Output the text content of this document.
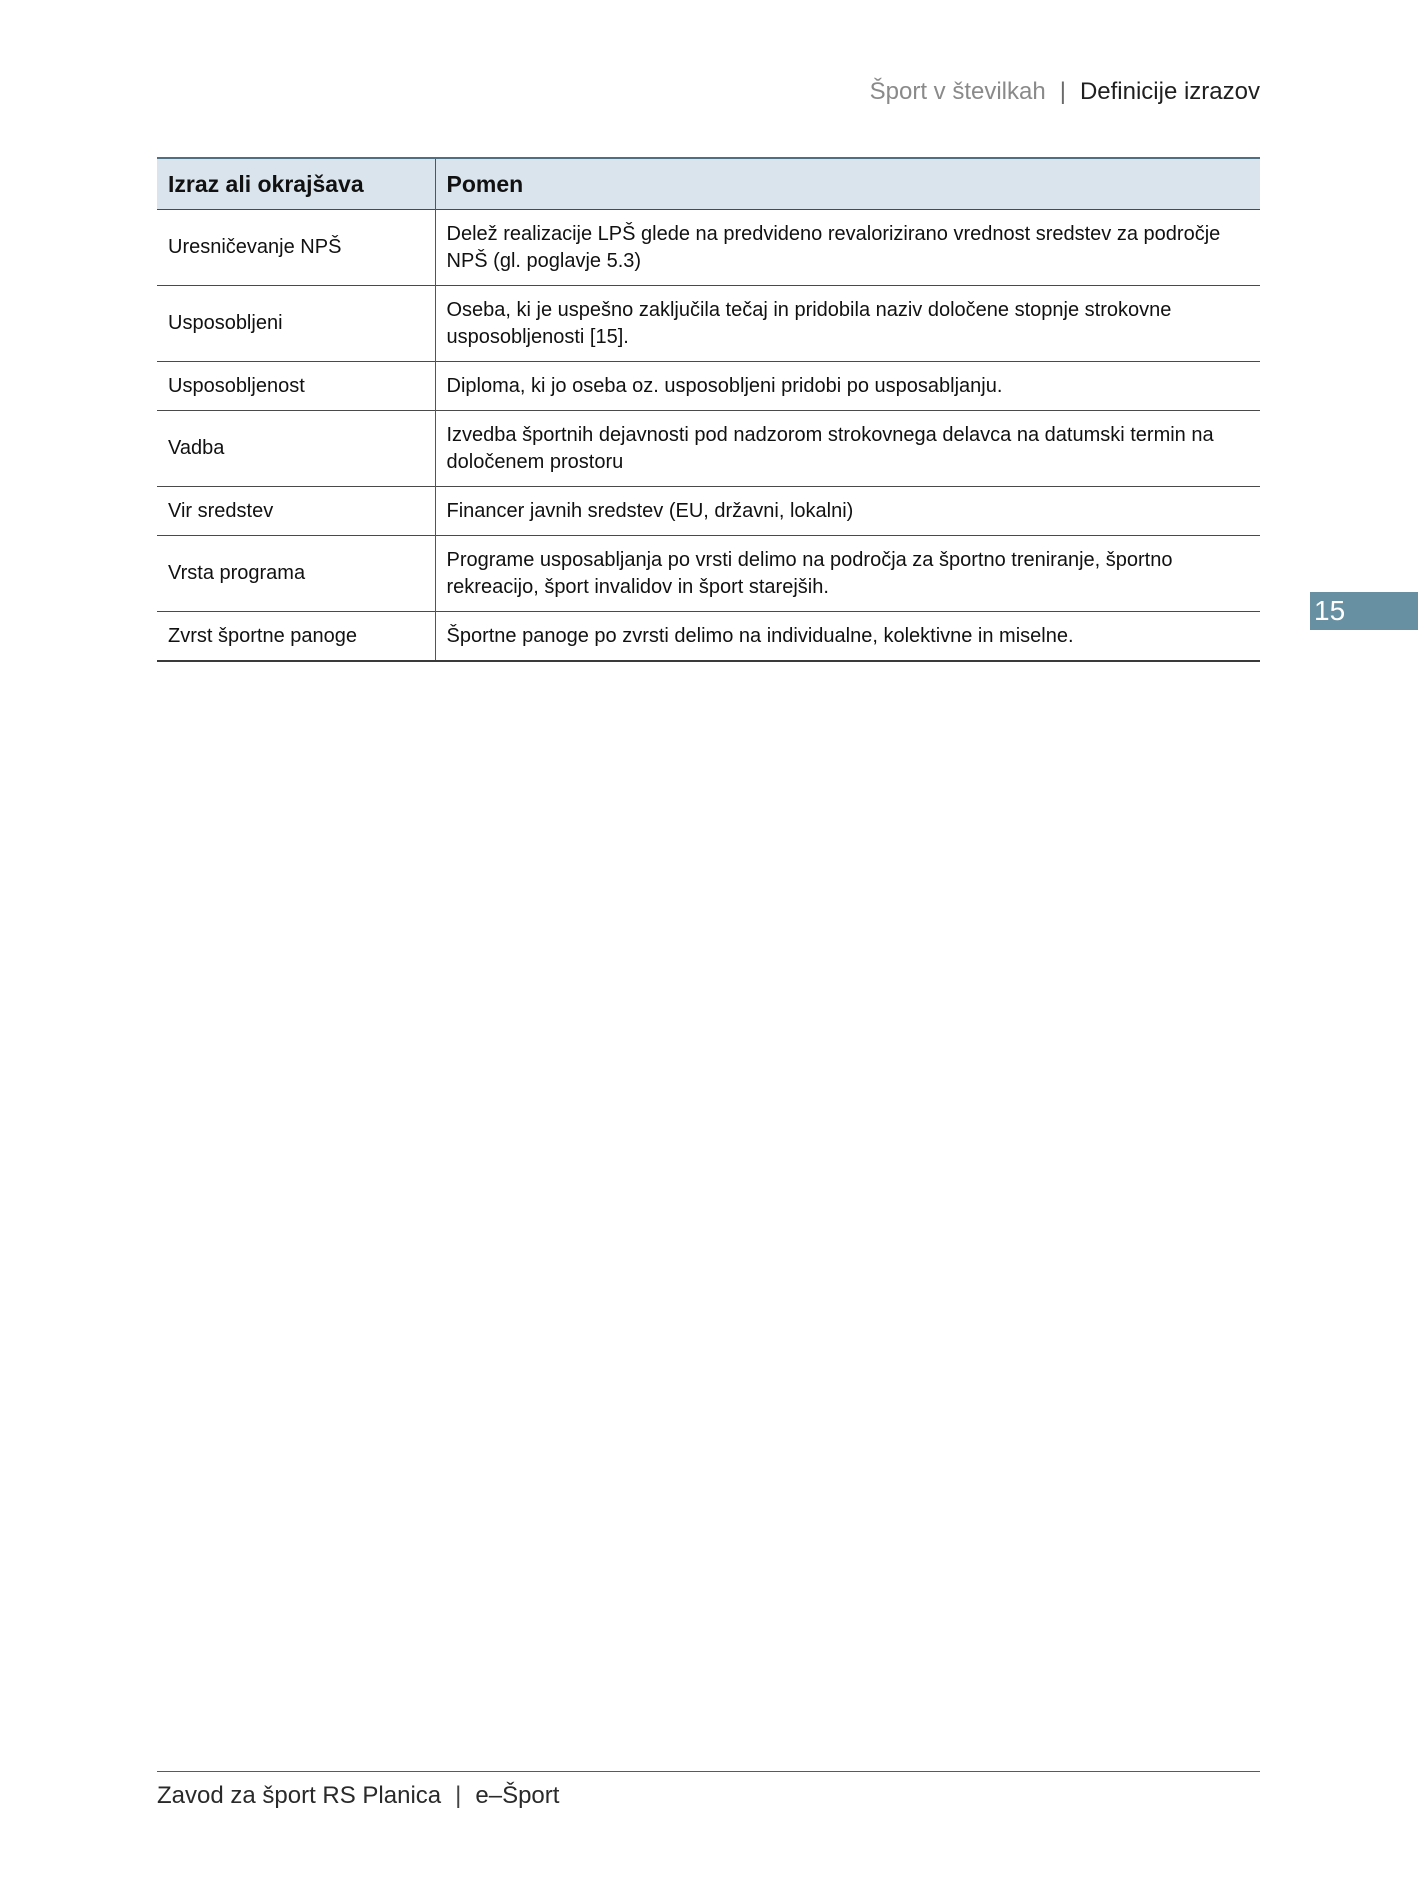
Šport v številkah | Definicije izrazov
Izraz ali okrajšava	Pomen
Uresničevanje NPŠ	Delež realizacije LPŠ glede na predvideno revalorizirano vrednost sredstev za področje NPŠ (gl. poglavje 5.3)
Usposobljeni	Oseba, ki je uspešno zaključila tečaj in pridobila naziv določene stopnje strokovne usposobljenosti [15].
Usposobljenost	Diploma, ki jo oseba oz. usposobljeni pridobi po usposabljanju.
Vadba	Izvedba športnih dejavnosti pod nadzorom strokovnega delavca na datumski termin na določenem prostoru
Vir sredstev	Financer javnih sredstev (EU, državni, lokalni)
Vrsta programa	Programe usposabljanja po vrsti delimo na področja za športno treniranje, športno rekreacijo, šport invalidov in šport starejših.
Zvrst športne panoge	Športne panoge po zvrsti delimo na individualne, kolektivne in miselne.
15
Zavod za šport RS Planica | e–Šport
